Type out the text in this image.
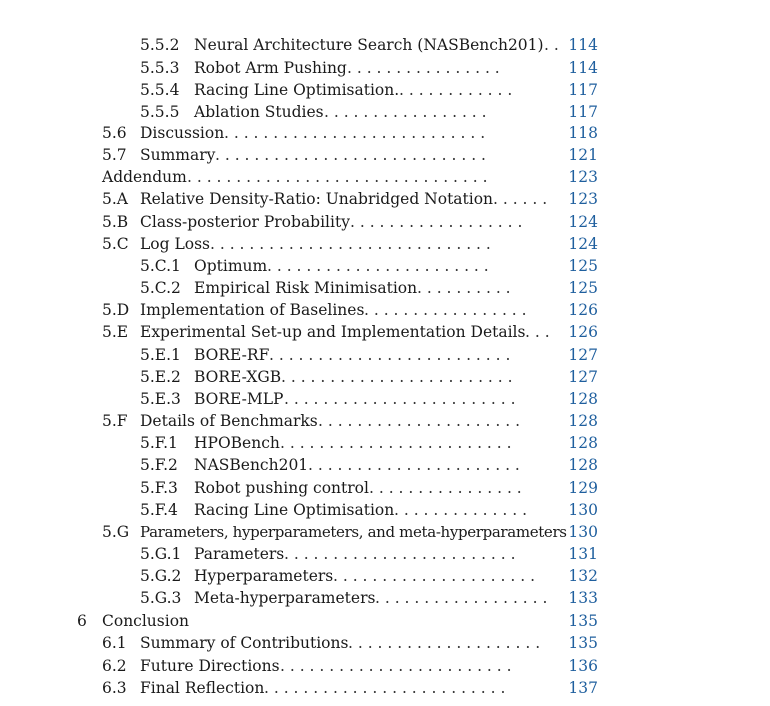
5.5.2 Neural Architecture Search (NASBench201) . . 114
5.5.3 Robot Arm Pushing . . . . . . . . . . . . . . . .	114
5.5.4 Racing Line Optimisation. . . . . . . . . . . . .	117
5.5.5 Ablation Studies . . . . . . . . . . . . . . . . .	117
5.6 Discussion . . . . . . . . . . . . . . . . . . . . . . . . . . .	118
5.7 Summary . . . . . . . . . . . . . . . . . . . . . . . . . . . .	121
Addendum . . . . . . . . . . . . . . . . . . . . . . . . . . . . . . .	123
5.A Relative Density-Ratio: Unabridged Notation . . . . . .	123
5.B Class-posterior Probability . . . . . . . . . . . . . . . . . .	124
5.C Log Loss . . . . . . . . . . . . . . . . . . . . . . . . . . . . .	124
5.C.1 Optimum . . . . . . . . . . . . . . . . . . . . . . .	125
5.C.2 Empirical Risk Minimisation . . . . . . . . . .	125
5.D Implementation of Baselines . . . . . . . . . . . . . . . . .	126
5.E Experimental Set-up and Implementation Details . . .	126
5.E.1 BORE-RF . . . . . . . . . . . . . . . . . . . . . . . . .	127
5.E.2 BORE-XGB . . . . . . . . . . . . . . . . . . . . . . . .	127
5.E.3 BORE-MLP . . . . . . . . . . . . . . . . . . . . . . . .	128
5.F Details of Benchmarks . . . . . . . . . . . . . . . . . . . . .	128
5.F.1 HPOBench . . . . . . . . . . . . . . . . . . . . . . . .	128
5.F.2 NASBench201 . . . . . . . . . . . . . . . . . . . . . .	128
5.F.3 Robot pushing control . . . . . . . . . . . . . . . .	129
5.F.4 Racing Line Optimisation . . . . . . . . . . . . . .	130
5.G Parameters, hyperparameters, and meta-hyperparameters 130
5.G.1 Parameters . . . . . . . . . . . . . . . . . . . . . . . .	131
5.G.2 Hyperparameters . . . . . . . . . . . . . . . . . . . . .	132
5.G.3 Meta-hyperparameters . . . . . . . . . . . . . . . . . .	133
6 Conclusion	135
6.1 Summary of Contributions . . . . . . . . . . . . . . . . . . . .	135
6.2 Future Directions . . . . . . . . . . . . . . . . . . . . . . . .	136
6.3 Final Reflection . . . . . . . . . . . . . . . . . . . . . . . . .	137
